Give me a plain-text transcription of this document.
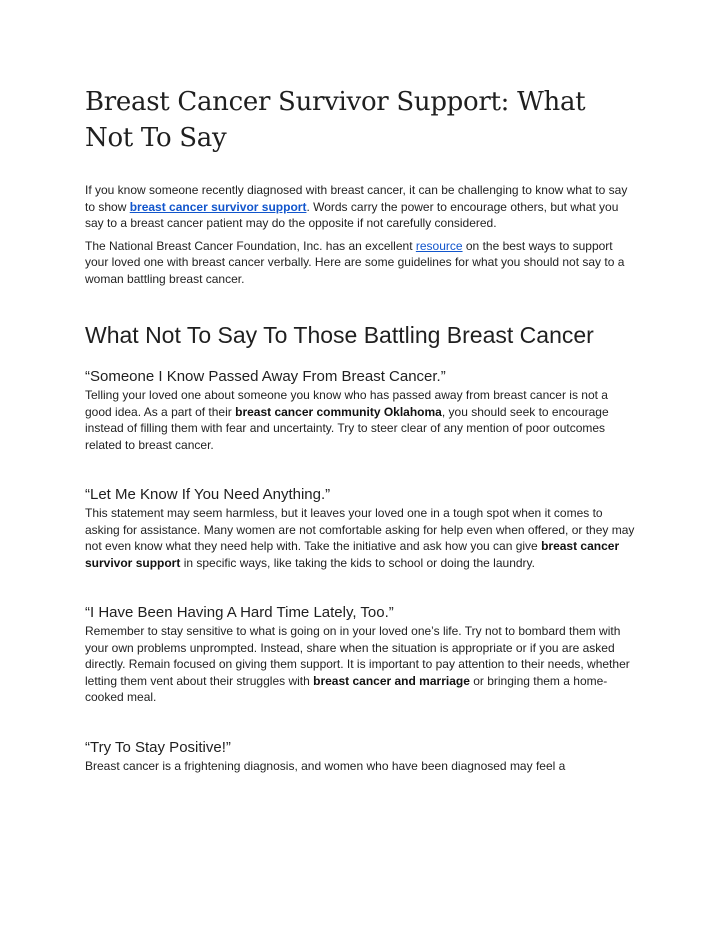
Breast Cancer Survivor Support: What Not To Say

If you know someone recently diagnosed with breast cancer, it can be challenging to know what to say to show breast cancer survivor support. Words carry the power to encourage others, but what you say to a breast cancer patient may do the opposite if not carefully considered.

The National Breast Cancer Foundation, Inc. has an excellent resource on the best ways to support your loved one with breast cancer verbally. Here are some guidelines for what you should not say to a woman battling breast cancer.

What Not To Say To Those Battling Breast Cancer
“Someone I Know Passed Away From Breast Cancer.”

Telling your loved one about someone you know who has passed away from breast cancer is not a good idea. As a part of their breast cancer community Oklahoma, you should seek to encourage instead of filling them with fear and uncertainty. Try to steer clear of any mention of poor outcomes related to breast cancer.

“Let Me Know If You Need Anything.”

This statement may seem harmless, but it leaves your loved one in a tough spot when it comes to asking for assistance. Many women are not comfortable asking for help even when offered, or they may not even know what they need help with. Take the initiative and ask how you can give breast cancer survivor support in specific ways, like taking the kids to school or doing the laundry.

“I Have Been Having A Hard Time Lately, Too.”

Remember to stay sensitive to what is going on in your loved one’s life. Try not to bombard them with your own problems unprompted. Instead, share when the situation is appropriate or if you are asked directly. Remain focused on giving them support. It is important to pay attention to their needs, whether letting them vent about their struggles with breast cancer and marriage or bringing them a home-cooked meal.

“Try To Stay Positive!”

Breast cancer is a frightening diagnosis, and women who have been diagnosed may feel a
